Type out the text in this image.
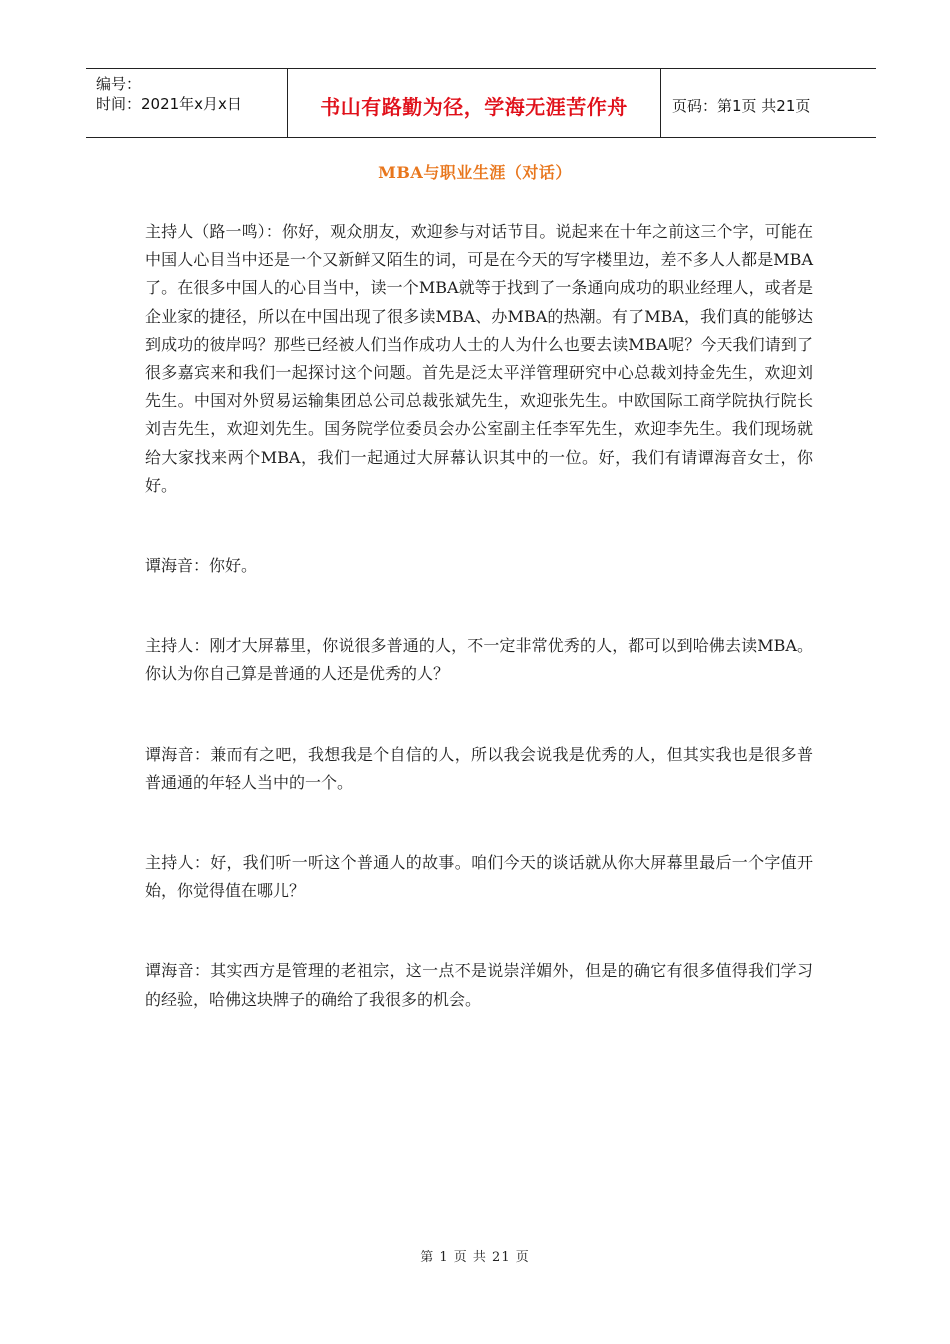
编号：
时间：2021年x月x日	书山有路勤为径，学海无涯苦作舟	页码：第1页 共21页
MBA与职业生涯（对话）

主持人（路一鸣）：你好，观众朋友，欢迎参与对话节目。说起来在十年之前这三个字，可能在中国人心目当中还是一个又新鲜又陌生的词，可是在今天的写字楼里边，差不多人人都是MBA了。在很多中国人的心目当中，读一个MBA就等于找到了一条通向成功的职业经理人，或者是企业家的捷径，所以在中国出现了很多读MBA、办MBA的热潮。有了MBA，我们真的能够达到成功的彼岸吗？那些已经被人们当作成功人士的人为什么也要去读MBA呢？今天我们请到了很多嘉宾来和我们一起探讨这个问题。首先是泛太平洋管理研究中心总裁刘持金先生，欢迎刘先生。中国对外贸易运输集团总公司总裁张斌先生，欢迎张先生。中欧国际工商学院执行院长刘吉先生，欢迎刘先生。国务院学位委员会办公室副主任李军先生，欢迎李先生。我们现场就给大家找来两个MBA，我们一起通过大屏幕认识其中的一位。好，我们有请谭海音女士，你好。

谭海音：你好。

主持人：刚才大屏幕里，你说很多普通的人，不一定非常优秀的人，都可以到哈佛去读MBA。你认为你自己算是普通的人还是优秀的人？

谭海音：兼而有之吧，我想我是个自信的人，所以我会说我是优秀的人，但其实我也是很多普普通通的年轻人当中的一个。

主持人：好，我们听一听这个普通人的故事。咱们今天的谈话就从你大屏幕里最后一个字值开始，你觉得值在哪儿？

谭海音：其实西方是管理的老祖宗，这一点不是说崇洋媚外，但是的确它有很多值得我们学习的经验，哈佛这块牌子的确给了我很多的机会。

第 1 页 共 21 页
